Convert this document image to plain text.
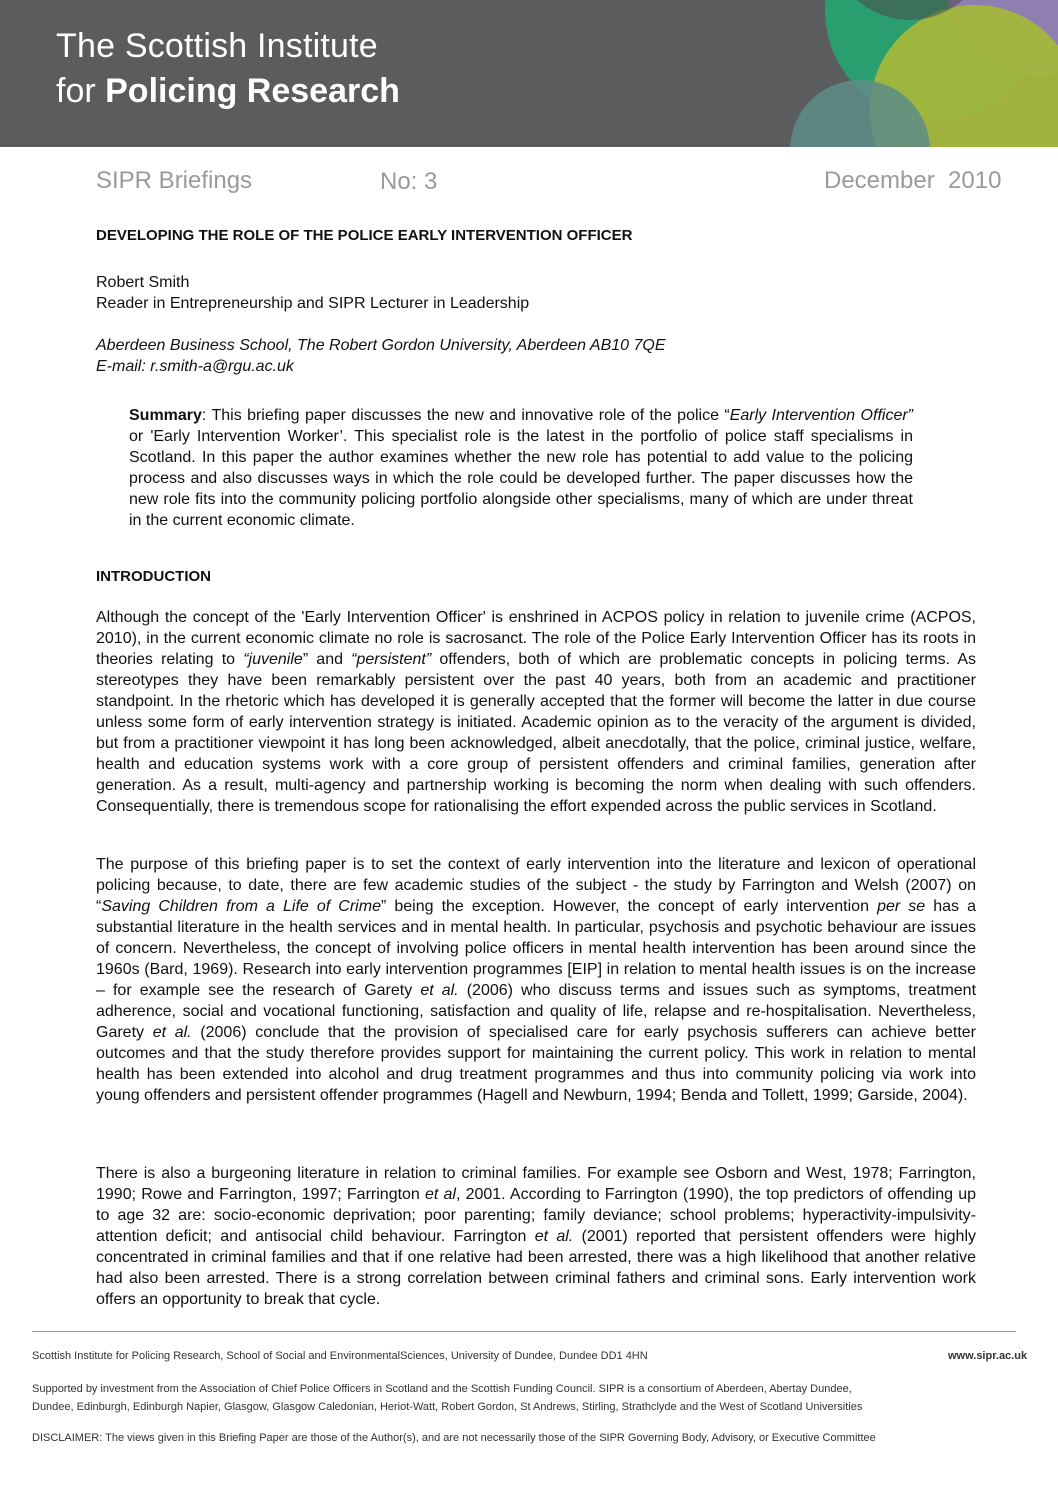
The Scottish Institute

for Policing Research

SIPR Briefings	No: 3	December  2010
DEVELOPING THE ROLE OF THE POLICE EARLY INTERVENTION OFFICER
Robert Smith
Reader in Entrepreneurship and SIPR Lecturer in Leadership
Aberdeen Business School, The Robert Gordon University, Aberdeen AB10 7QE
E-mail: r.smith-a@rgu.ac.uk

Summary: This briefing paper discusses the new and innovative role of the police “Early Intervention Officer” or 'Early Intervention Worker’. This specialist role is the latest in the portfolio of police staff specialisms in Scotland. In this paper the author examines whether the new role has potential to add value to the policing process and also discusses ways in which the role could be developed further. The paper discusses how the new role fits into the community policing portfolio alongside other specialisms, many of which are under threat in the current economic climate.

INTRODUCTION

Although the concept of the 'Early Intervention Officer' is enshrined in ACPOS policy in relation to juvenile crime (ACPOS, 2010), in the current economic climate no role is sacrosanct. The role of the Police Early Intervention Officer has its roots in theories relating to “juvenile” and “persistent” offenders, both of which are problematic concepts in policing terms. As stereotypes they have been remarkably persistent over the past 40 years, both from an academic and practitioner standpoint. In the rhetoric which has developed it is generally accepted that the former will become the latter in due course unless some form of early intervention strategy is initiated. Academic opinion as to the veracity of the argument is divided, but from a practitioner viewpoint it has long been acknowledged, albeit anecdotally, that the police, criminal justice, welfare, health and education systems work with a core group of persistent offenders and criminal families, generation after generation. As a result, multi-agency and partnership working is becoming the norm when dealing with such offenders. Consequentially, there is tremendous scope for rationalising the effort expended across the public services in Scotland.

The purpose of this briefing paper is to set the context of early intervention into the literature and lexicon of operational policing because, to date, there are few academic studies of the subject - the study by Farrington and Welsh (2007) on “Saving Children from a Life of Crime” being the exception. However, the concept of early intervention per se has a substantial literature in the health services and in mental health. In particular, psychosis and psychotic behaviour are issues of concern. Nevertheless, the concept of involving police officers in mental health intervention has been around since the 1960s (Bard, 1969). Research into early intervention programmes [EIP] in relation to mental health issues is on the increase – for example see the research of Garety et al. (2006) who discuss terms and issues such as symptoms, treatment adherence, social and vocational functioning, satisfaction and quality of life, relapse and re-hospitalisation. Nevertheless, Garety et al. (2006) conclude that the provision of specialised care for early psychosis sufferers can achieve better outcomes and that the study therefore provides support for maintaining the current policy. This work in relation to mental health has been extended into alcohol and drug treatment programmes and thus into community policing via work into young offenders and persistent offender programmes (Hagell and Newburn, 1994; Benda and Tollett, 1999; Garside, 2004).

There is also a burgeoning literature in relation to criminal families. For example see Osborn and West, 1978; Farrington, 1990; Rowe and Farrington, 1997; Farrington et al, 2001. According to Farrington (1990), the top predictors of offending up to age 32 are: socio-economic deprivation; poor parenting; family deviance; school problems; hyperactivity-impulsivity-attention deficit; and antisocial child behaviour. Farrington et al. (2001) reported that persistent offenders were highly concentrated in criminal families and that if one relative had been arrested, there was a high likelihood that another relative had also been arrested. There is a strong correlation between criminal fathers and criminal sons. Early intervention work offers an opportunity to break that cycle.

Scottish Institute for Policing Research, School of Social and EnvironmentalSciences, University of Dundee, Dundee DD1 4HN	www.sipr.ac.uk

Supported by investment from the Association of Chief Police Officers in Scotland and the Scottish Funding Council. SIPR is a consortium of Aberdeen, Abertay Dundee,
Dundee, Edinburgh, Edinburgh Napier, Glasgow, Glasgow Caledonian, Heriot-Watt, Robert Gordon, St Andrews, Stirling, Strathclyde and the West of Scotland Universities

DISCLAIMER: The views given in this Briefing Paper are those of the Author(s), and are not necessarily those of the SIPR Governing Body, Advisory, or Executive Committee
